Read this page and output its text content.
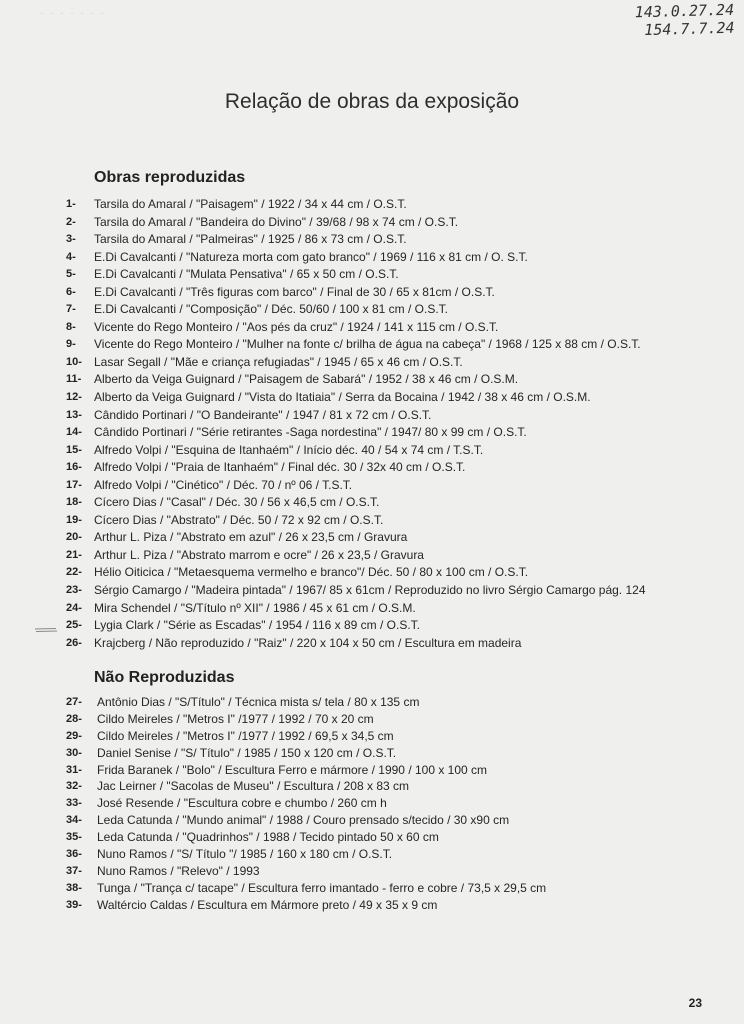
· · · · · · ·	143.0.27.24
154.7.7.24
Relação de obras da exposição
Obras reproduzidas
1-	Tarsila do Amaral / "Paisagem" / 1922 / 34 x 44 cm / O.S.T.
2-	Tarsila do Amaral / "Bandeira do Divino" / 39/68 / 98 x 74 cm / O.S.T.
3-	Tarsila do Amaral / "Palmeiras" / 1925 / 86 x 73 cm / O.S.T.
4-	E.Di Cavalcanti / "Natureza morta com gato branco" / 1969 / 116 x 81 cm / O. S.T.
5-	E.Di Cavalcanti / "Mulata Pensativa" / 65 x 50 cm / O.S.T.
6-	E.Di Cavalcanti / "Três figuras com barco" / Final de 30 / 65 x 81cm / O.S.T.
7-	E.Di Cavalcanti / "Composição" / Déc. 50/60 / 100 x 81 cm / O.S.T.
8-	Vicente do Rego Monteiro / "Aos pés da cruz" / 1924 / 141 x 115 cm / O.S.T.
9-	Vicente do Rego Monteiro / "Mulher na fonte c/ brilha de água na cabeça" / 1968 / 125 x 88 cm / O.S.T.
10-	Lasar Segall / "Mãe e criança refugiadas" / 1945 / 65 x 46 cm / O.S.T.
11-	Alberto da Veiga Guignard / "Paisagem de Sabará" / 1952 / 38 x 46 cm / O.S.M.
12-	Alberto da Veiga Guignard / "Vista do Itatiaia" / Serra da Bocaina / 1942 / 38 x 46 cm / O.S.M.
13-	Cândido Portinari / "O Bandeirante" / 1947 / 81 x 72 cm / O.S.T.
14-	Cândido Portinari / "Série retirantes -Saga nordestina" / 1947/ 80 x 99 cm / O.S.T.
15-	Alfredo Volpi / "Esquina de Itanhaém" / Início déc. 40 / 54 x 74 cm / T.S.T.
16-	Alfredo Volpi / "Praia de Itanhaém" / Final déc. 30 / 32x 40 cm / O.S.T.
17-	Alfredo Volpi / "Cinético" / Déc. 70 / nº 06 / T.S.T.
18-	Cícero Dias / "Casal" / Déc. 30 / 56 x 46,5 cm / O.S.T.
19-	Cícero Dias / "Abstrato" / Déc. 50 / 72 x 92 cm / O.S.T.
20-	Arthur L. Piza / "Abstrato em azul" / 26 x 23,5 cm / Gravura
21-	Arthur L. Piza / "Abstrato marrom e ocre" / 26 x 23,5 / Gravura
22-	Hélio Oiticica / "Metaesquema vermelho e branco"/ Déc. 50 / 80 x 100 cm / O.S.T.
23-	Sérgio Camargo / "Madeira pintada" / 1967/ 85 x 61cm / Reproduzido no livro Sérgio Camargo pág. 124
24-	Mira Schendel / "S/Título nº XII" / 1986 / 45 x 61 cm / O.S.M.
25-	Lygia Clark / "Série as Escadas" / 1954 / 116 x 89 cm / O.S.T.
26-	Krajcberg / Não reproduzido / "Raiz" / 220 x 104 x 50 cm / Escultura em madeira
Não Reproduzidas
27-	Antônio Dias / "S/Título" / Técnica mista s/ tela / 80 x 135 cm
28-	Cildo Meireles / "Metros I" /1977 / 1992 / 70 x 20 cm
29-	Cildo Meireles / "Metros I" /1977 / 1992 / 69,5 x 34,5 cm
30-	Daniel Senise / "S/ Título" / 1985 / 150 x 120 cm / O.S.T.
31-	Frida Baranek / "Bolo" / Escultura Ferro e mármore / 1990 / 100 x 100 cm
32-	Jac Leirner / "Sacolas de Museu" / Escultura / 208 x 83 cm
33-	José Resende / "Escultura cobre e chumbo / 260 cm h
34-	Leda Catunda / "Mundo animal" / 1988 / Couro prensado s/tecido / 30 x90 cm
35-	Leda Catunda / "Quadrinhos" / 1988 / Tecido pintado 50 x 60 cm
36-	Nuno Ramos / "S/ Título "/ 1985 / 160 x 180 cm / O.S.T.
37-	Nuno Ramos / "Relevo" / 1993
38-	Tunga / "Trança c/ tacape" / Escultura ferro imantado - ferro e cobre / 73,5 x 29,5 cm
39-	Waltércio Caldas / Escultura em Mármore preto / 49 x 35 x 9 cm
23
